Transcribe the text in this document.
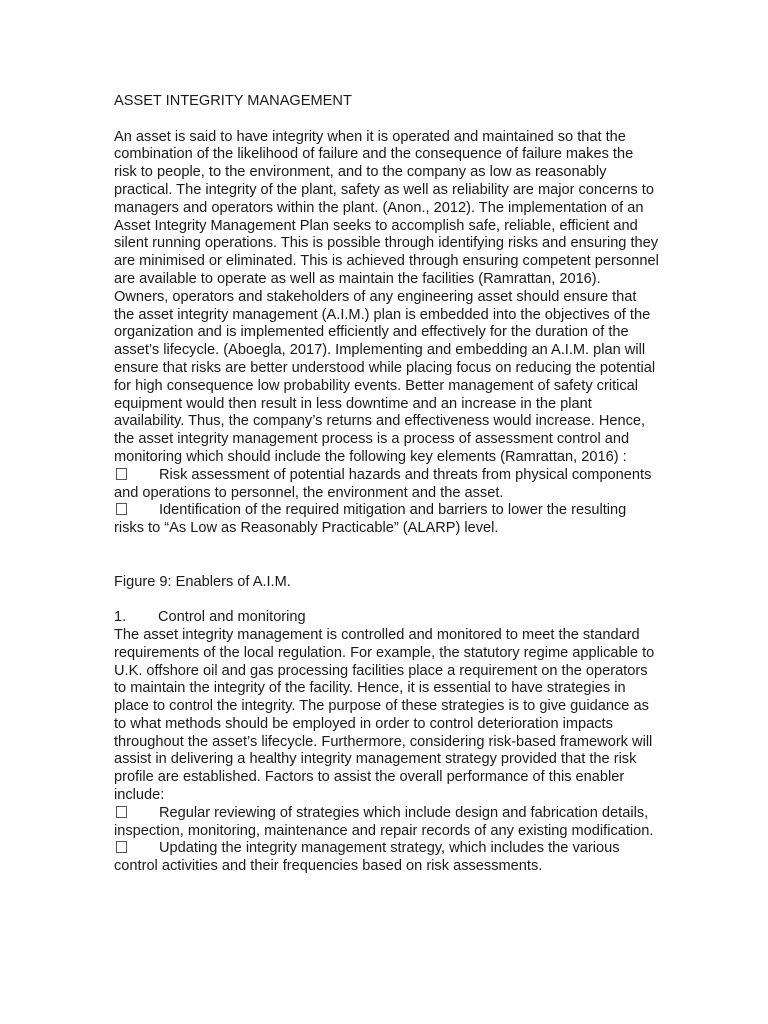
ASSET INTEGRITY MANAGEMENT

An asset is said to have integrity when it is operated and maintained so that the combination of the likelihood of failure and the consequence of failure makes the risk to people, to the environment, and to the company as low as reasonably practical. The integrity of the plant, safety as well as reliability are major concerns to managers and operators within the plant. (Anon., 2012). The implementation of an Asset Integrity Management Plan seeks to accomplish safe, reliable, efficient and silent running operations. This is possible through identifying risks and ensuring they are minimised or eliminated. This is achieved through ensuring competent personnel are available to operate as well as maintain the facilities (Ramrattan, 2016). Owners, operators and stakeholders of any engineering asset should ensure that the asset integrity management (A.I.M.) plan is embedded into the objectives of the organization and is implemented efficiently and effectively for the duration of the asset’s lifecycle. (Aboegla, 2017). Implementing and embedding an A.I.M. plan will ensure that risks are better understood while placing focus on reducing the potential for high consequence low probability events. Better management of safety critical equipment would then result in less downtime and an increase in the plant availability. Thus, the company’s returns and effectiveness would increase. Hence, the asset integrity management process is a process of assessment control and monitoring which should include the following key elements (Ramrattan, 2016) :

Risk assessment of potential hazards and threats from physical components and operations to personnel, the environment and the asset.

Identification of the required mitigation and barriers to lower the resulting risks to “As Low as Reasonably Practicable” (ALARP) level.

Figure 9: Enablers of A.I.M.

1. Control and monitoring

The asset integrity management is controlled and monitored to meet the standard requirements of the local regulation. For example, the statutory regime applicable to U.K. offshore oil and gas processing facilities place a requirement on the operators to maintain the integrity of the facility. Hence, it is essential to have strategies in place to control the integrity. The purpose of these strategies is to give guidance as to what methods should be employed in order to control deterioration impacts throughout the asset’s lifecycle. Furthermore, considering risk-based framework will assist in delivering a healthy integrity management strategy provided that the risk profile are established. Factors to assist the overall performance of this enabler include:

Regular reviewing of strategies which include design and fabrication details, inspection, monitoring, maintenance and repair records of any existing modification.

Updating the integrity management strategy, which includes the various control activities and their frequencies based on risk assessments.
